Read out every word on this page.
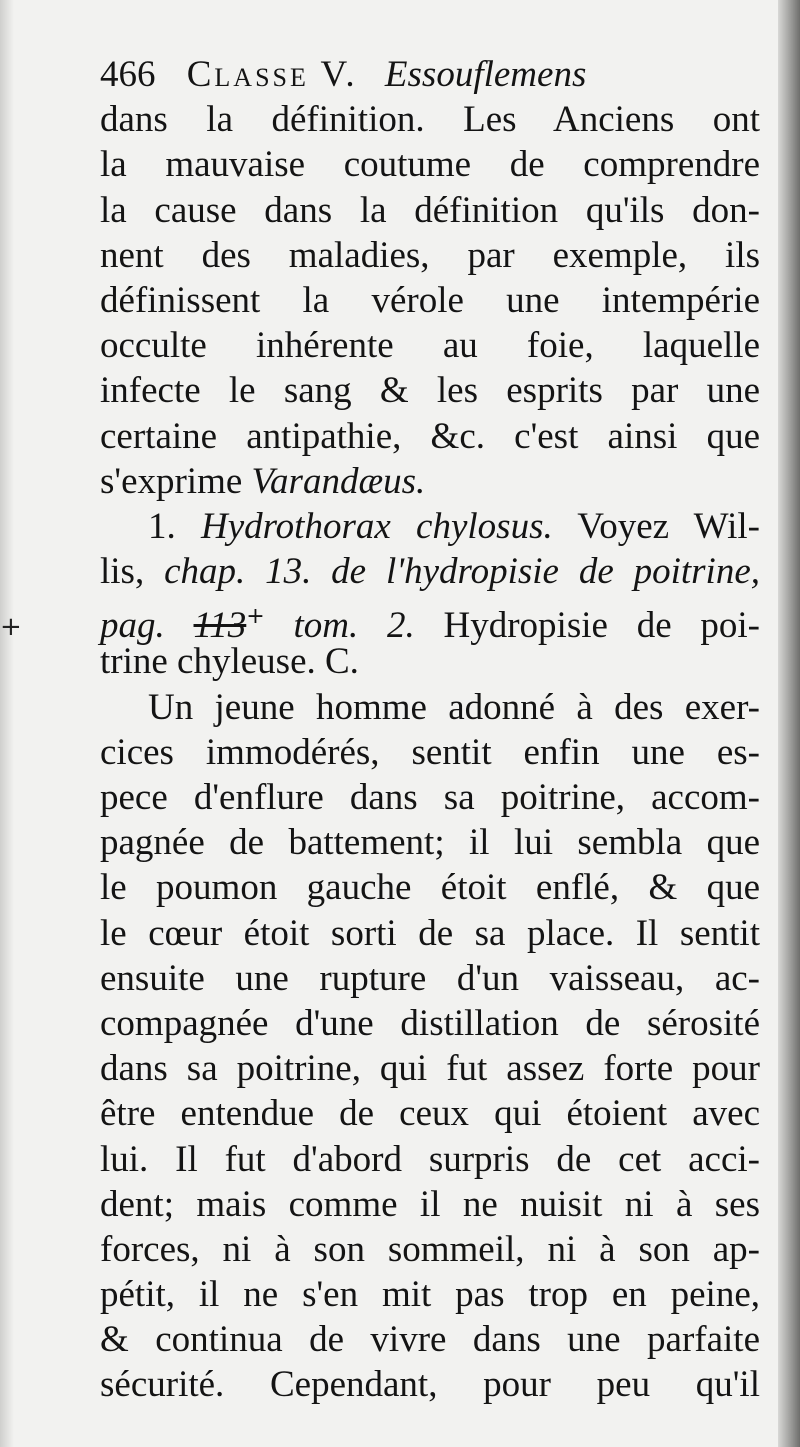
+
466 Classe V. Essouflemens
dans la définition. Les Anciens ont
la mauvaise coutume de comprendre
la cause dans la définition qu'ils don-
nent des maladies, par exemple, ils
définissent la vérole une intempérie
occulte inhérente au foie, laquelle
infecte le sang & les esprits par une
certaine antipathie, &c. c'est ainsi que
s'exprime Varandæus.
1. Hydrothorax chylosus. Voyez Wil-
lis, chap. 13. de l'hydropisie de poitrine,
pag. 113+ tom. 2. Hydropisie de poi-
trine chyleuse. C.
Un jeune homme adonné à des exer-
cices immodérés, sentit enfin une es-
pece d'enflure dans sa poitrine, accom-
pagnée de battement; il lui sembla que
le poumon gauche étoit enflé, & que
le cœur étoit sorti de sa place. Il sentit
ensuite une rupture d'un vaisseau, ac-
compagnée d'une distillation de sérosité
dans sa poitrine, qui fut assez forte pour
être entendue de ceux qui étoient avec
lui. Il fut d'abord surpris de cet acci-
dent; mais comme il ne nuisit ni à ses
forces, ni à son sommeil, ni à son ap-
pétit, il ne s'en mit pas trop en peine,
& continua de vivre dans une parfaite
sécurité. Cependant, pour peu qu'il
